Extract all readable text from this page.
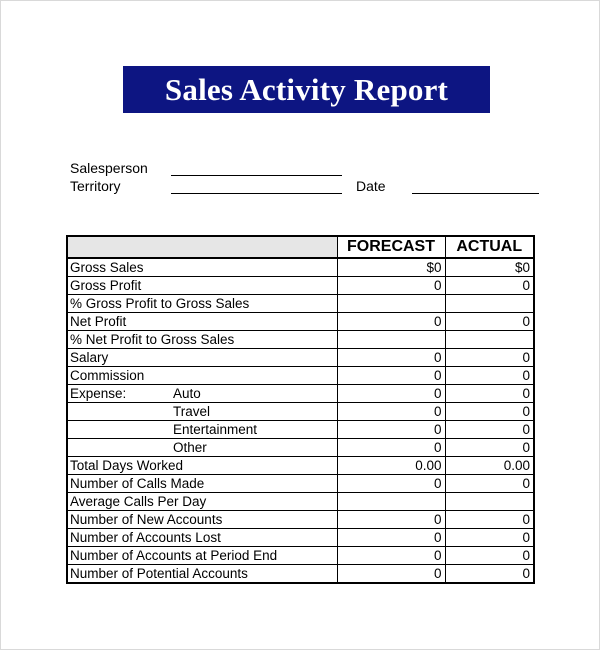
Sales Activity Report
Salesperson
Territory	Date
	FORECAST	ACTUAL
Gross Sales	$0	$0
Gross Profit	0	0
% Gross Profit to Gross Sales

Net Profit	0	0
% Net Profit to Gross Sales

Salary	0	0
Commission	0	0
Expense: Auto	0	0

Travel	0	0

Entertainment	0	0

Other	0	0
Total Days Worked	0.00	0.00
Number of Calls Made	0	0
Average Calls Per Day

Number of New Accounts	0	0
Number of Accounts Lost	0	0
Number of Accounts at Period End	0	0
Number of Potential Accounts	0	0
